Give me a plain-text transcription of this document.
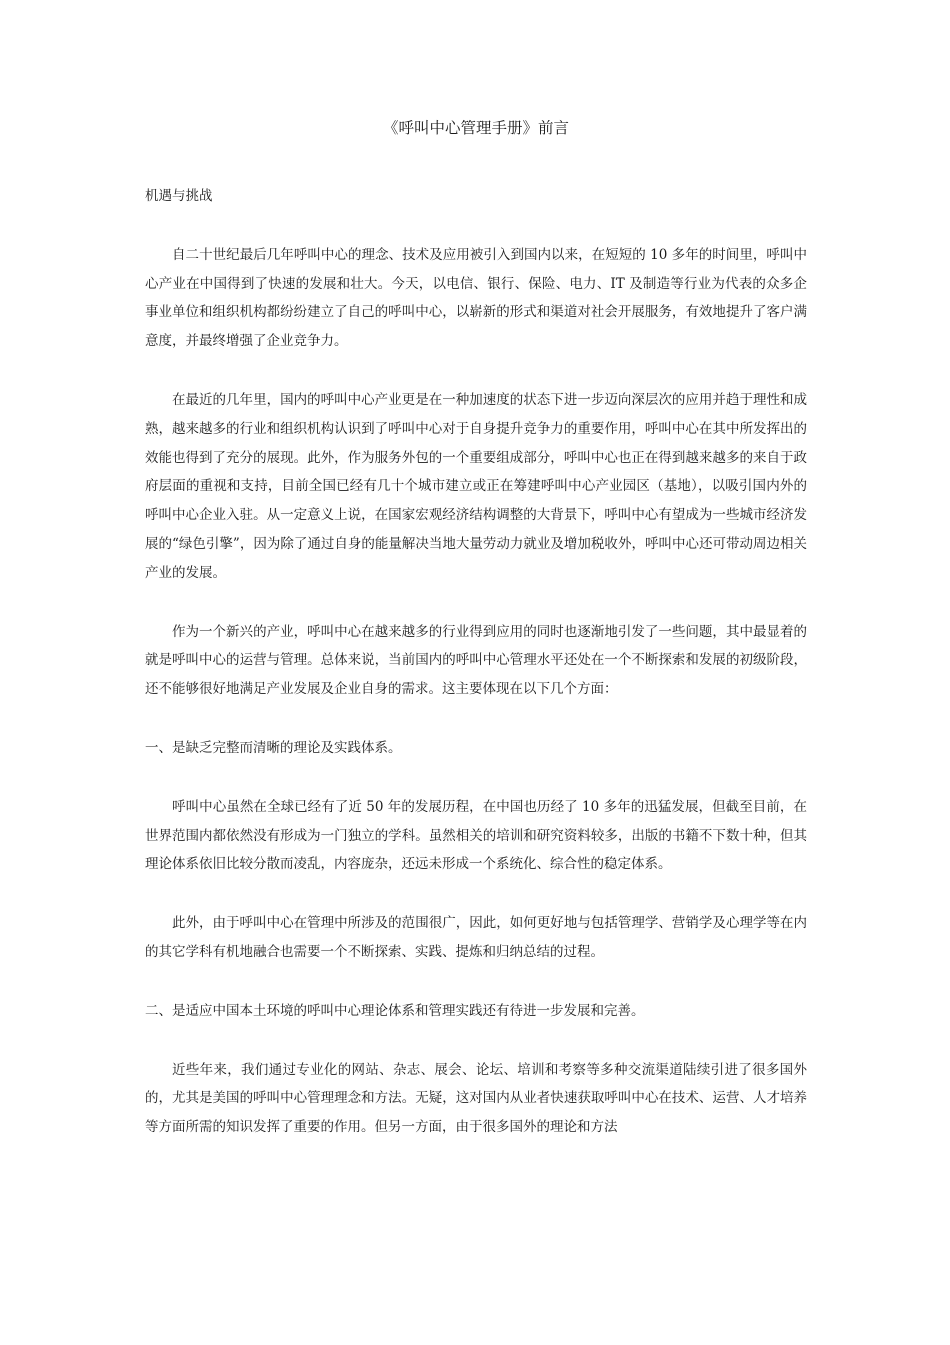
《呼叫中心管理手册》前言
机遇与挑战

自二十世纪最后几年呼叫中心的理念、技术及应用被引入到国内以来，在短短的 10 多年的时间里，呼叫中心产业在中国得到了快速的发展和壮大。今天，以电信、银行、保险、电力、IT 及制造等行业为代表的众多企事业单位和组织机构都纷纷建立了自己的呼叫中心，以崭新的形式和渠道对社会开展服务，有效地提升了客户满意度，并最终增强了企业竞争力。

在最近的几年里，国内的呼叫中心产业更是在一种加速度的状态下进一步迈向深层次的应用并趋于理性和成熟，越来越多的行业和组织机构认识到了呼叫中心对于自身提升竞争力的重要作用，呼叫中心在其中所发挥出的效能也得到了充分的展现。此外，作为服务外包的一个重要组成部分，呼叫中心也正在得到越来越多的来自于政府层面的重视和支持，目前全国已经有几十个城市建立或正在筹建呼叫中心产业园区（基地），以吸引国内外的呼叫中心企业入驻。从一定意义上说，在国家宏观经济结构调整的大背景下，呼叫中心有望成为一些城市经济发展的“绿色引擎”，因为除了通过自身的能量解决当地大量劳动力就业及增加税收外，呼叫中心还可带动周边相关产业的发展。

作为一个新兴的产业，呼叫中心在越来越多的行业得到应用的同时也逐渐地引发了一些问题，其中最显着的就是呼叫中心的运营与管理。总体来说，当前国内的呼叫中心管理水平还处在一个不断探索和发展的初级阶段，还不能够很好地满足产业发展及企业自身的需求。这主要体现在以下几个方面：

一、是缺乏完整而清晰的理论及实践体系。

呼叫中心虽然在全球已经有了近 50 年的发展历程，在中国也历经了 10 多年的迅猛发展，但截至目前，在世界范围内都依然没有形成为一门独立的学科。虽然相关的培训和研究资料较多，出版的书籍不下数十种，但其理论体系依旧比较分散而凌乱，内容庞杂，还远未形成一个系统化、综合性的稳定体系。

此外，由于呼叫中心在管理中所涉及的范围很广，因此，如何更好地与包括管理学、营销学及心理学等在内的其它学科有机地融合也需要一个不断探索、实践、提炼和归纳总结的过程。

二、是适应中国本土环境的呼叫中心理论体系和管理实践还有待进一步发展和完善。

近些年来，我们通过专业化的网站、杂志、展会、论坛、培训和考察等多种交流渠道陆续引进了很多国外的，尤其是美国的呼叫中心管理理念和方法。无疑，这对国内从业者快速获取呼叫中心在技术、运营、人才培养等方面所需的知识发挥了重要的作用。但另一方面，由于很多国外的理论和方法
